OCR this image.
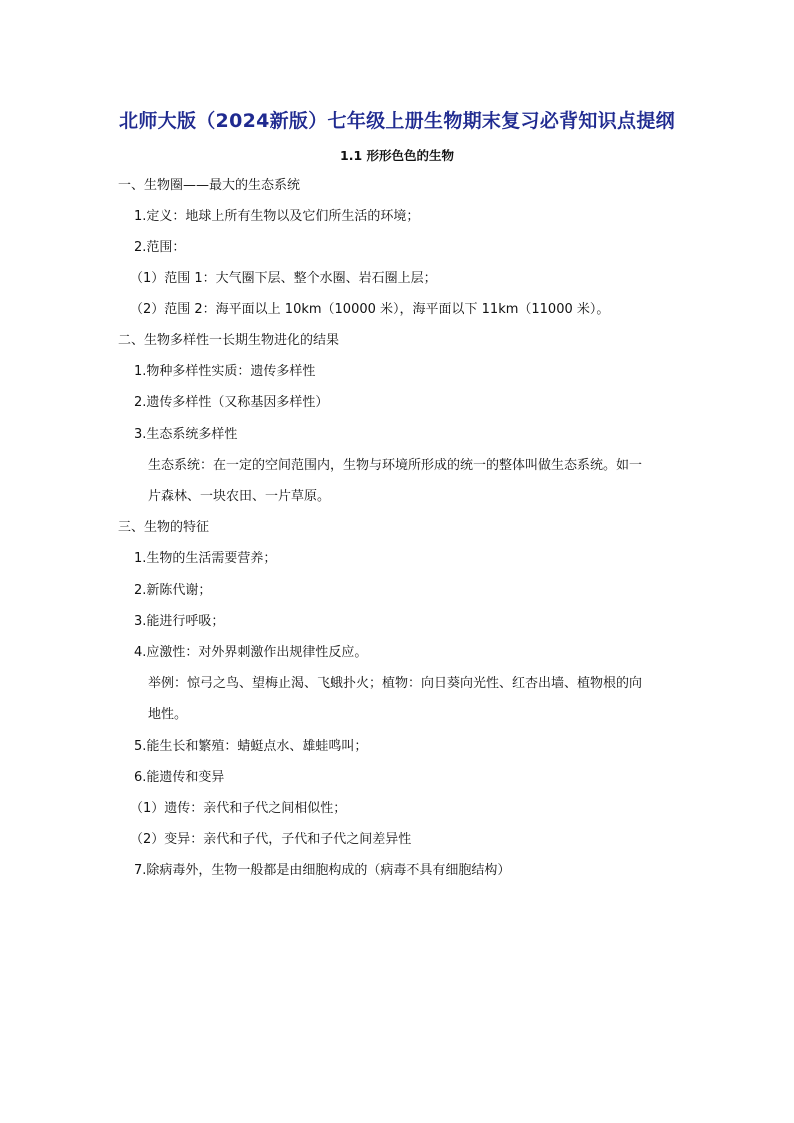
北师大版（2024新版）七年级上册生物期末复习必背知识点提纲
1.1 形形色色的生物
一、生物圈——最大的生态系统
1.定义：地球上所有生物以及它们所生活的环境；
2.范围：
（1）范围 1：大气圈下层、整个水圈、岩石圈上层；
（2）范围 2：海平面以上 10km（10000 米），海平面以下 11km（11000 米）。
二、生物多样性一长期生物进化的结果
1.物种多样性实质：遗传多样性
2.遗传多样性（又称基因多样性）
3.生态系统多样性
生态系统：在一定的空间范围内，生物与环境所形成的统一的整体叫做生态系统。如一
片森林、一块农田、一片草原。
三、生物的特征
1.生物的生活需要营养；
2.新陈代谢；
3.能进行呼吸；
4.应激性：对外界刺激作出规律性反应。
举例：惊弓之鸟、望梅止渴、飞蛾扑火；植物：向日葵向光性、红杏出墙、植物根的向
地性。
5.能生长和繁殖：蜻蜓点水、雄蛙鸣叫；
6.能遗传和变异
（1）遗传：亲代和子代之间相似性；
（2）变异：亲代和子代，子代和子代之间差异性
7.除病毒外，生物一般都是由细胞构成的（病毒不具有细胞结构）
